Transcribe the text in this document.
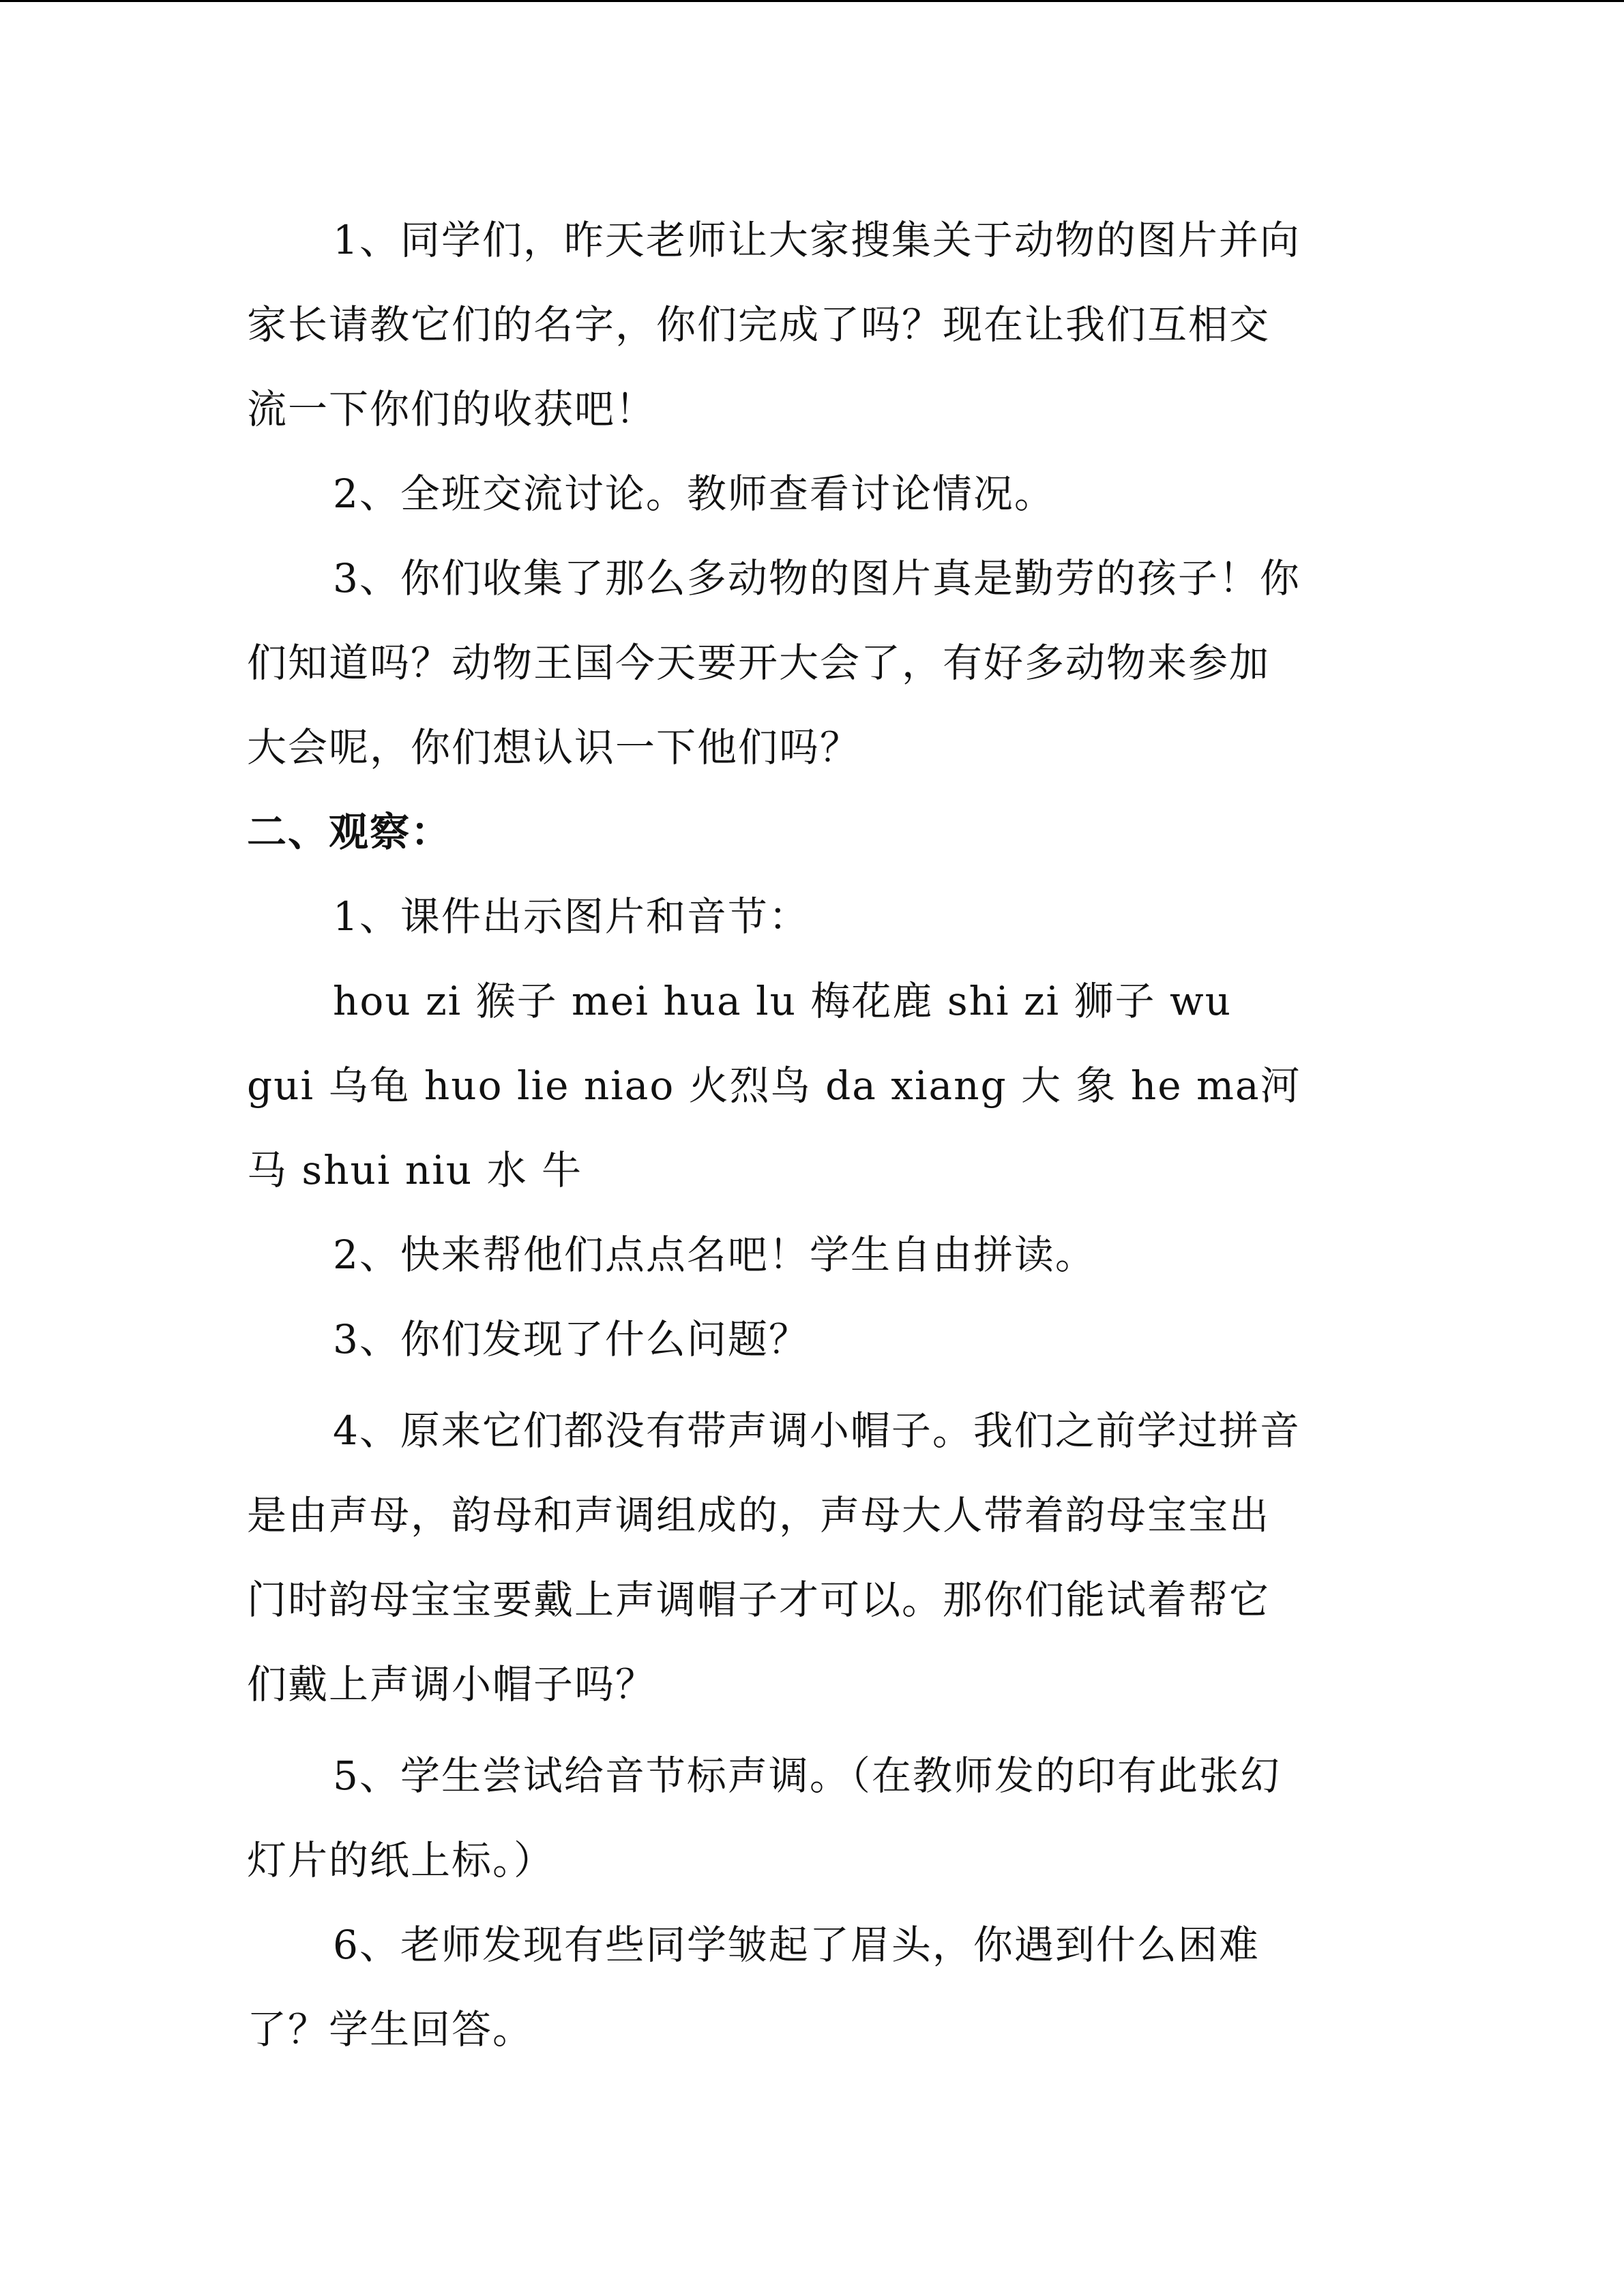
1、同学们，昨天老师让大家搜集关于动物的图片并向
家长请教它们的名字，你们完成了吗？现在让我们互相交
流一下你们的收获吧！
2、全班交流讨论。教师查看讨论情况。
3、你们收集了那么多动物的图片真是勤劳的孩子！你
们知道吗？动物王国今天要开大会了，有好多动物来参加
大会呢，你们想认识一下他们吗？
二、观察：
1、课件出示图片和音节：
hou zi 猴子 mei hua lu 梅花鹿 shi zi 狮子 wu
gui 乌龟 huo lie niao 火烈鸟 da xiang 大 象 he ma河
马 shui niu 水 牛
2、快来帮他们点点名吧！学生自由拼读。
3、你们发现了什么问题？
4、原来它们都没有带声调小帽子。我们之前学过拼音
是由声母，韵母和声调组成的，声母大人带着韵母宝宝出
门时韵母宝宝要戴上声调帽子才可以。那你们能试着帮它
们戴上声调小帽子吗？
5、学生尝试给音节标声调。（在教师发的印有此张幻
灯片的纸上标。）
6、老师发现有些同学皱起了眉头，你遇到什么困难
了？学生回答。
